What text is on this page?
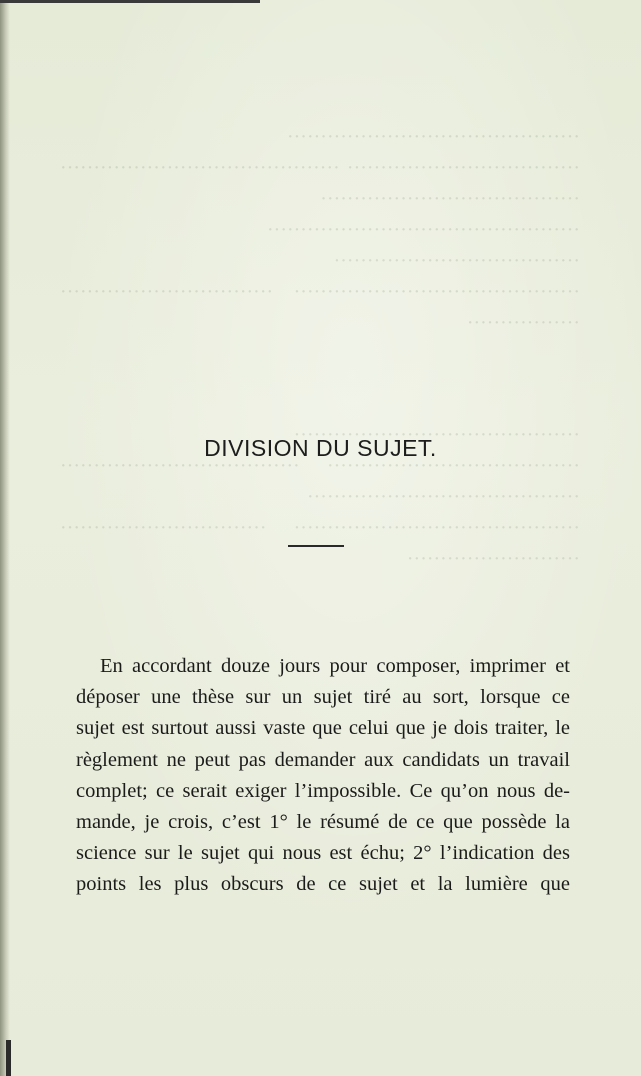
············································ ··································· ·········································· ······································· ··············································· ····································· ··········································· ································ ·················
··········································· ······································ ···································· ········································· ··········································· ······························· ··························
DIVISION DU SUJET.
En accordant douze jours pour composer, imprimer et
déposer une thèse sur un sujet tiré au sort, lorsque ce
sujet est surtout aussi vaste que celui que je dois traiter, le
règlement ne peut pas demander aux candidats un travail
complet; ce serait exiger l’impossible. Ce qu’on nous de-
mande, je crois, c’est 1° le résumé de ce que possède la
science sur le sujet qui nous est échu; 2° l’indication des
points les plus obscurs de ce sujet et la lumière que
